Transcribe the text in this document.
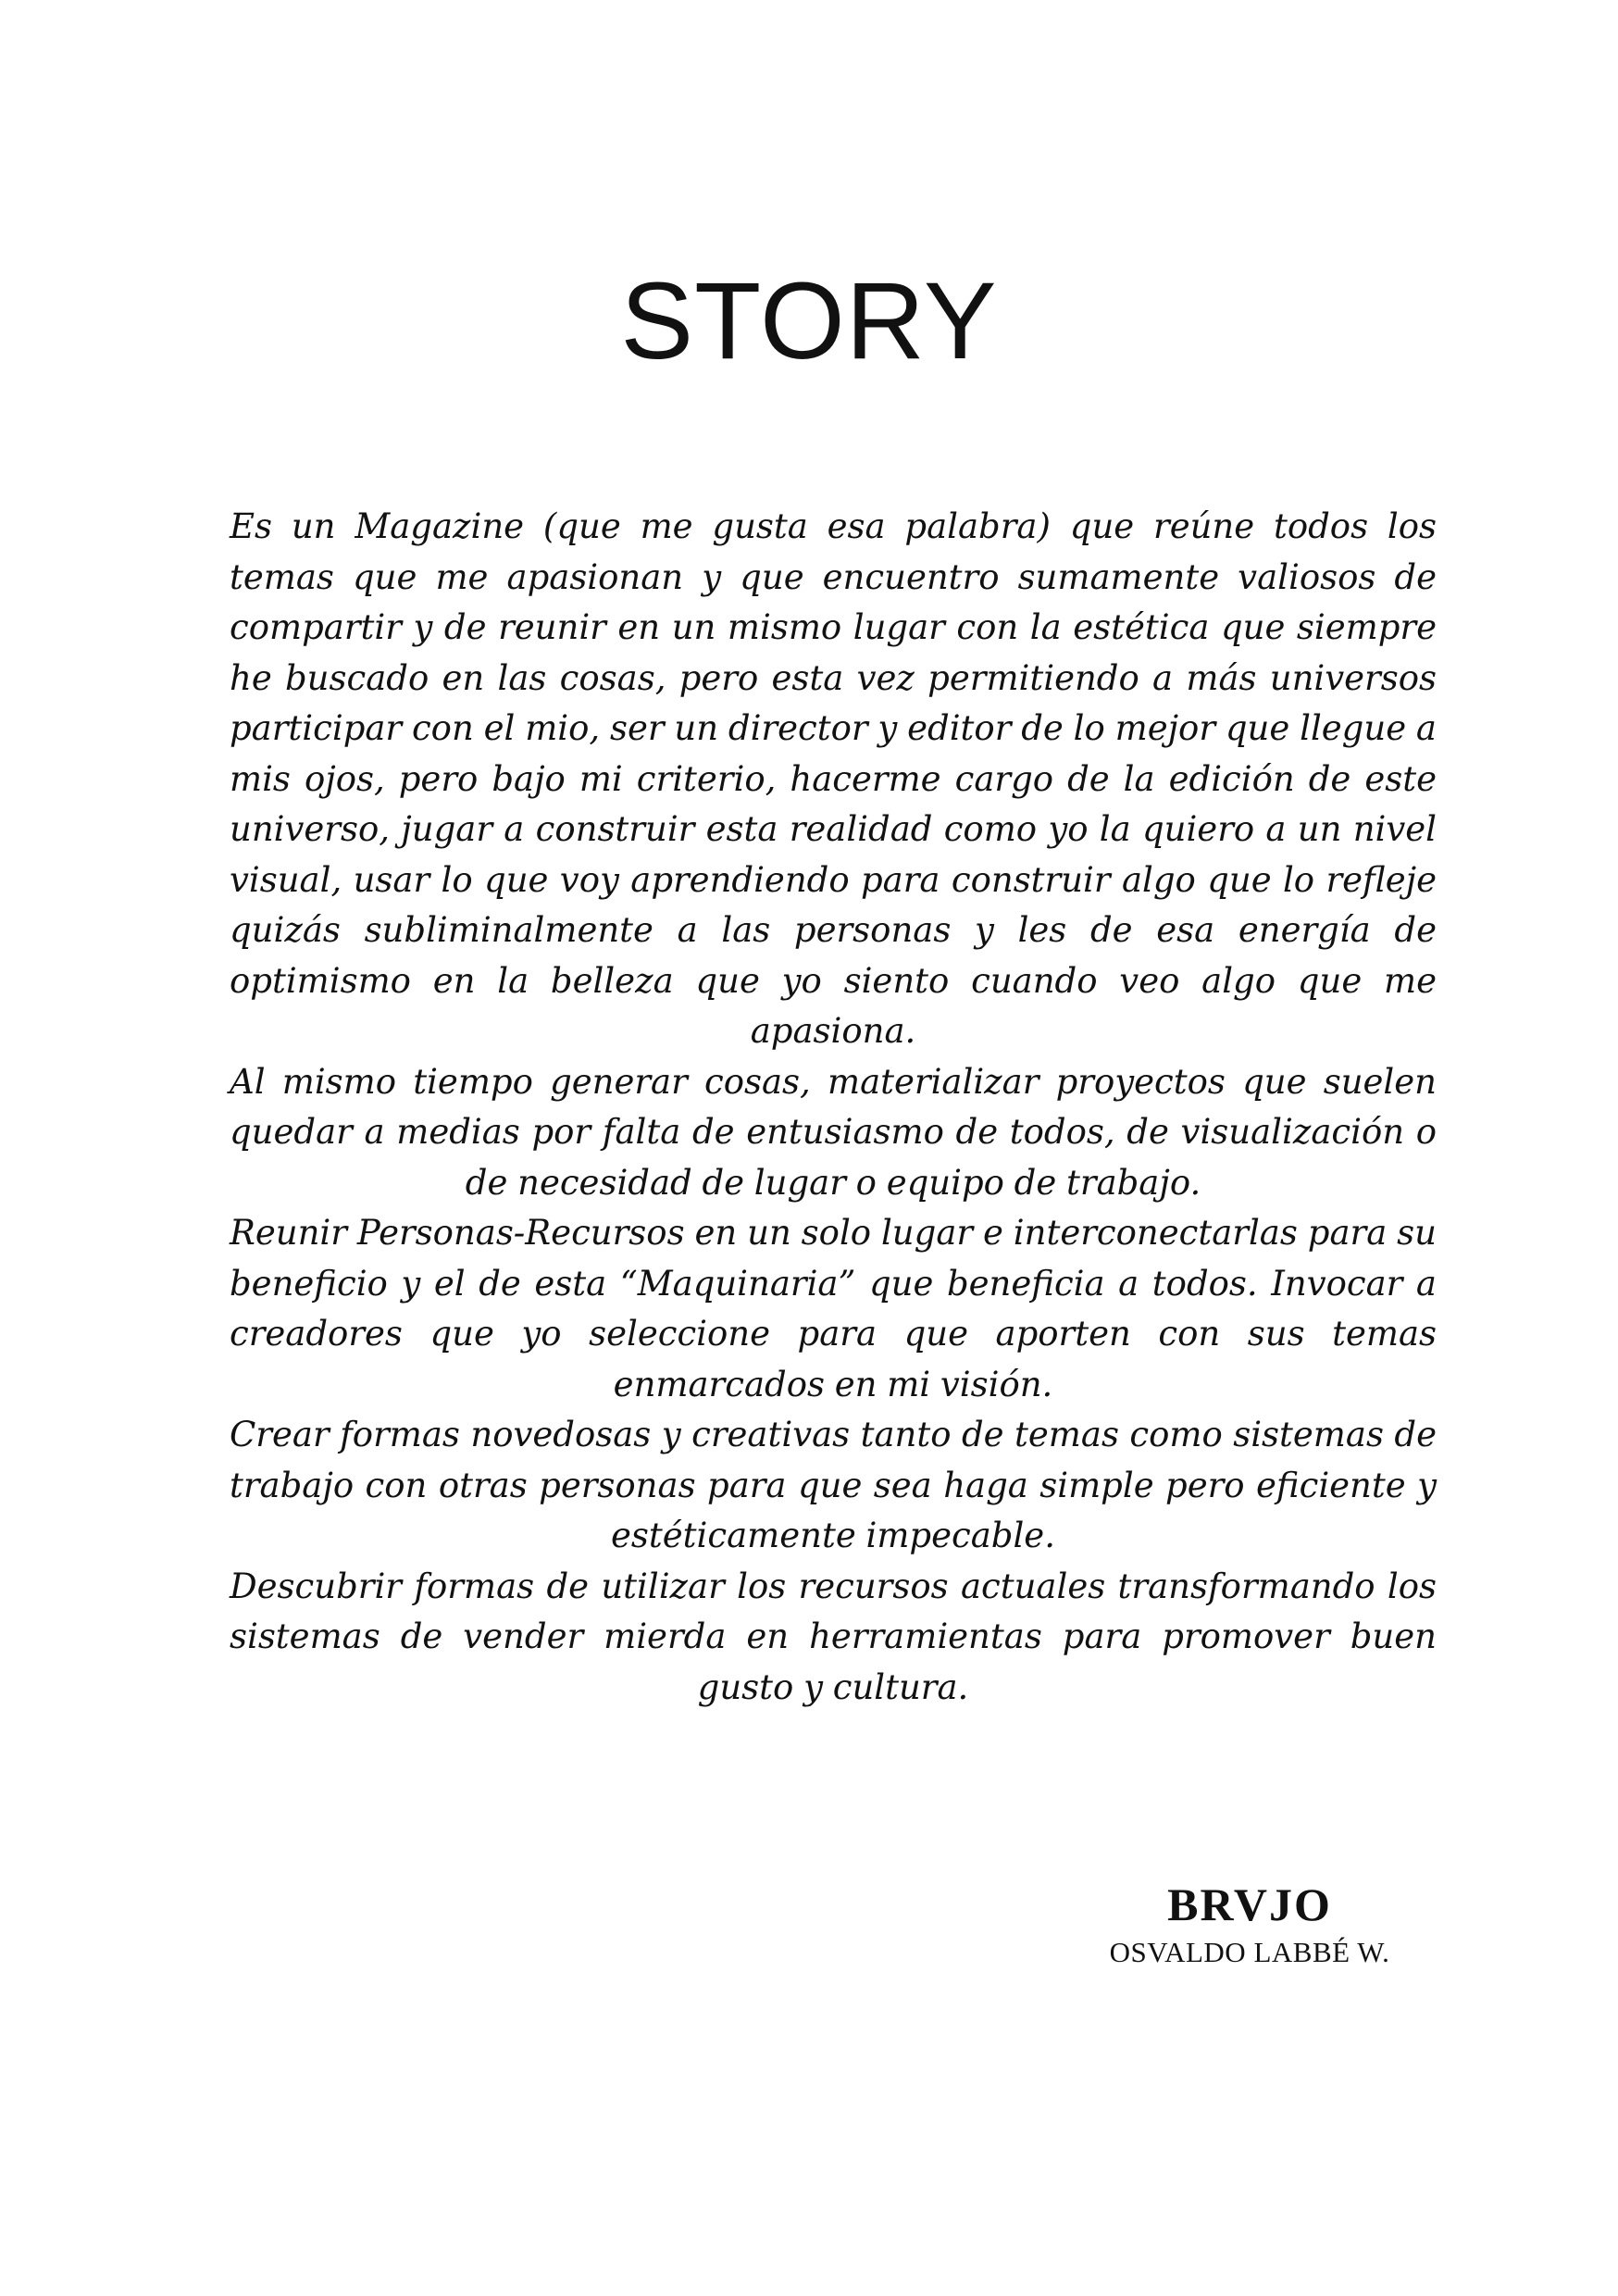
STORY

Es un Magazine (que me gusta esa palabra) que reúne todos los temas que me apasionan y que encuentro sumamente valiosos de compartir y de reunir en un mismo lugar con la estética que siempre he buscado en las cosas, pero esta vez permitiendo a más universos participar con el mio, ser un director y editor de lo mejor que llegue a mis ojos, pero bajo mi criterio, hacerme cargo de la edición de este universo, jugar a construir esta realidad como yo la quiero a un nivel visual, usar lo que voy aprendiendo para construir algo que lo refleje quizás subliminalmente a las personas y les de esa energía de optimismo en la belleza que yo siento cuando veo algo que me apasiona.

Al mismo tiempo generar cosas, materializar proyectos que suelen quedar a medias por falta de entusiasmo de todos, de visualización o de necesidad de lugar o equipo de trabajo.

Reunir Personas-Recursos en un solo lugar e interconectarlas para su beneficio y el de esta “Maquinaria” que beneficia a todos. Invocar a creadores que yo seleccione para que aporten con sus temas enmarcados en mi visión.

Crear formas novedosas y creativas tanto de temas como sistemas de trabajo con otras personas para que sea haga simple pero eficiente y estéticamente impecable.

Descubrir formas de utilizar los recursos actuales transformando los sistemas de vender mierda en herramientas para promover buen gusto y cultura.

BRVJO
OSVALDO LABBÉ W.
